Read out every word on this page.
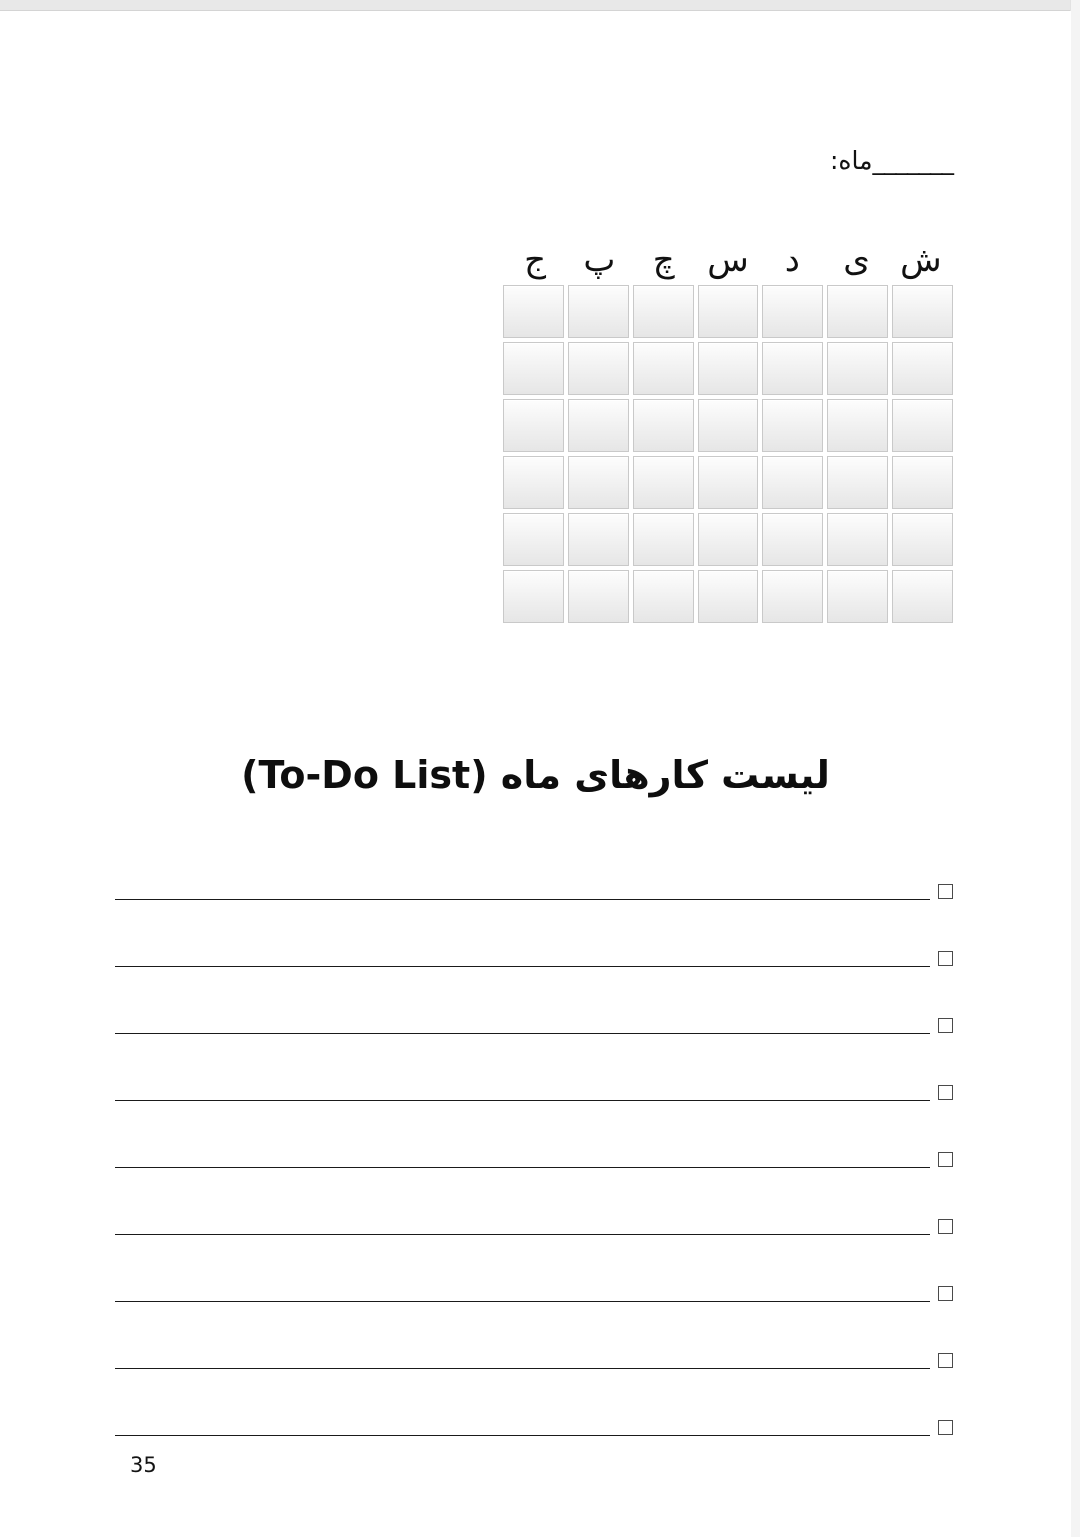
_______ماه:
ش
ی
د
س
چ
پ
ج
لیست کارهای ماه (To-Do List)
35
